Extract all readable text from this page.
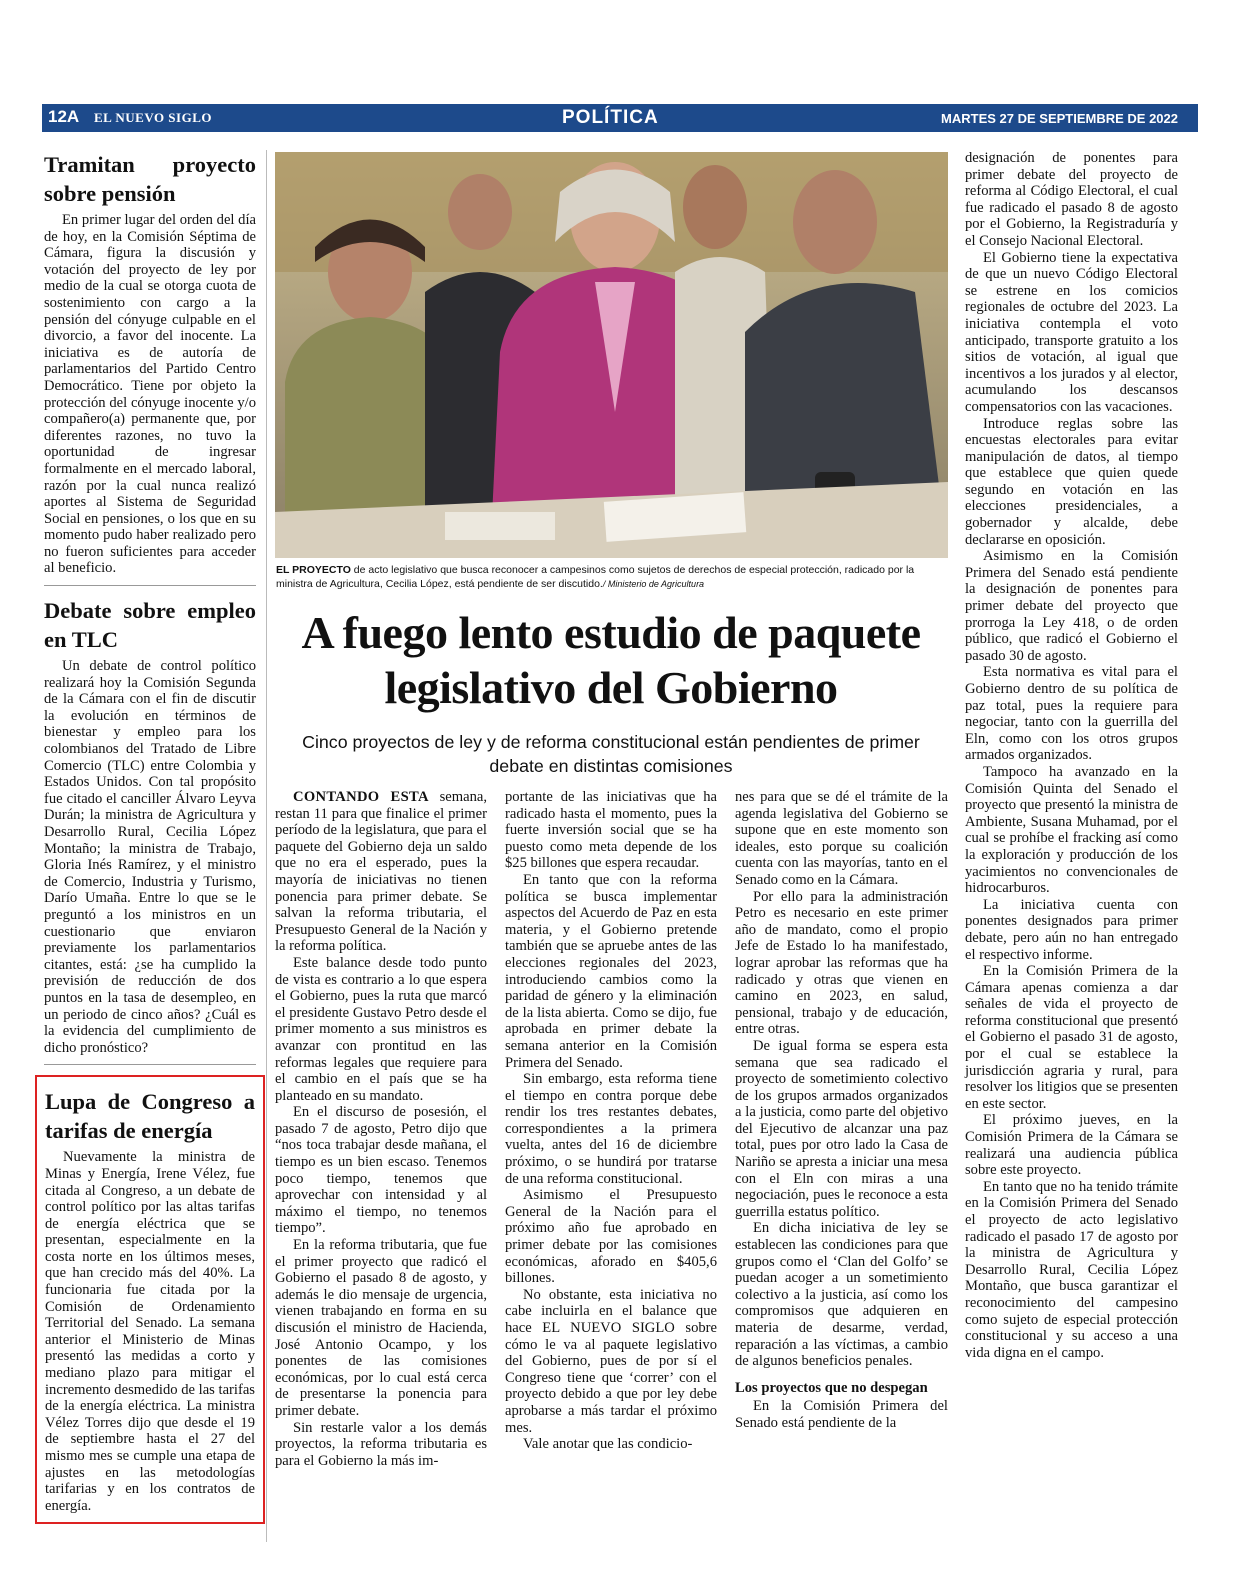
12A EL NUEVO SIGLO	POLÍTICA	MARTES 27 DE SEPTIEMBRE DE 2022
Tramitan proyecto sobre pensión

En primer lugar del orden del día de hoy, en la Comisión Séptima de Cámara, figura la discusión y votación del proyecto de ley por medio de la cual se otorga cuota de sostenimiento con cargo a la pensión del cónyuge culpable en el divorcio, a favor del inocente. La iniciativa es de autoría de parlamentarios del Partido Centro Democrático. Tiene por objeto la protección del cónyuge inocente y/o compañero(a) permanente que, por diferentes razones, no tuvo la oportunidad de ingresar formalmente en el mercado laboral, razón por la cual nunca realizó aportes al Sistema de Seguridad Social en pensiones, o los que en su momento pudo haber realizado pero no fueron suficientes para acceder al beneficio.

Debate sobre empleo en TLC

Un debate de control político realizará hoy la Comisión Segunda de la Cámara con el fin de discutir la evolución en términos de bienestar y empleo para los colombianos del Tratado de Libre Comercio (TLC) entre Colombia y Estados Unidos. Con tal propósito fue citado el canciller Álvaro Leyva Durán; la ministra de Agricultura y Desarrollo Rural, Cecilia López Montaño; la ministra de Trabajo, Gloria Inés Ramírez, y el ministro de Comercio, Industria y Turismo, Darío Umaña. Entre lo que se le preguntó a los ministros en un cuestionario que enviaron previamente los parlamentarios citantes, está: ¿se ha cumplido la previsión de reducción de dos puntos en la tasa de desempleo, en un periodo de cinco años? ¿Cuál es la evidencia del cumplimiento de dicho pronóstico?

Lupa de Congreso a tarifas de energía

Nuevamente la ministra de Minas y Energía, Irene Vélez, fue citada al Congreso, a un debate de control político por las altas tarifas de energía eléctrica que se presentan, especialmente en la costa norte en los últimos meses, que han crecido más del 40%. La funcionaria fue citada por la Comisión de Ordenamiento Territorial del Senado. La semana anterior el Ministerio de Minas presentó las medidas a corto y mediano plazo para mitigar el incremento desmedido de las tarifas de la energía eléctrica. La ministra Vélez Torres dijo que desde el 19 de septiembre hasta el 27 del mismo mes se cumple una etapa de ajustes en las metodologías tarifarias y en los contratos de energía.

EL PROYECTO de acto legislativo que busca reconocer a campesinos como sujetos de derechos de especial protección, radicado por la ministra de Agricultura, Cecilia López, está pendiente de ser discutido./ Ministerio de Agricultura
A fuego lento estudio de paquete legislativo del Gobierno
Cinco proyectos de ley y de reforma constitucional están pendientes de primer debate en distintas comisiones

CONTANDO ESTA semana, restan 11 para que finalice el primer período de la legislatura, que para el paquete del Gobierno deja un saldo que no era el esperado, pues la mayoría de iniciativas no tienen ponencia para primer debate. Se salvan la reforma tributaria, el Presupuesto General de la Nación y la reforma política.

Este balance desde todo punto de vista es contrario a lo que espera el Gobierno, pues la ruta que marcó el presidente Gustavo Petro desde el primer momento a sus ministros es avanzar con prontitud en las reformas legales que requiere para el cambio en el país que se ha planteado en su mandato.

En el discurso de posesión, el pasado 7 de agosto, Petro dijo que “nos toca trabajar desde mañana, el tiempo es un bien escaso. Tenemos poco tiempo, tenemos que aprovechar con intensidad y al máximo el tiempo, no tenemos tiempo”.

En la reforma tributaria, que fue el primer proyecto que radicó el Gobierno el pasado 8 de agosto, y además le dio mensaje de urgencia, vienen trabajando en forma en su discusión el ministro de Hacienda, José Antonio Ocampo, y los ponentes de las comisiones económicas, por lo cual está cerca de presentarse la ponencia para primer debate.

Sin restarle valor a los demás proyectos, la reforma tributaria es para el Gobierno la más im-

portante de las iniciativas que ha radicado hasta el momento, pues la fuerte inversión social que se ha puesto como meta depende de los $25 billones que espera recaudar.

En tanto que con la reforma política se busca implementar aspectos del Acuerdo de Paz en esta materia, y el Gobierno pretende también que se apruebe antes de las elecciones regionales del 2023, introduciendo cambios como la paridad de género y la eliminación de la lista abierta. Como se dijo, fue aprobada en primer debate la semana anterior en la Comisión Primera del Senado.

Sin embargo, esta reforma tiene el tiempo en contra porque debe rendir los tres restantes debates, correspondientes a la primera vuelta, antes del 16 de diciembre próximo, o se hundirá por tratarse de una reforma constitucional.

Asimismo el Presupuesto General de la Nación para el próximo año fue aprobado en primer debate por las comisiones económicas, aforado en $405,6 billones.

No obstante, esta iniciativa no cabe incluirla en el balance que hace EL NUEVO SIGLO sobre cómo le va al paquete legislativo del Gobierno, pues de por sí el Congreso tiene que ‘correr’ con el proyecto debido a que por ley debe aprobarse a más tardar el próximo mes.

Vale anotar que las condicio-

nes para que se dé el trámite de la agenda legislativa del Gobierno se supone que en este momento son ideales, esto porque su coalición cuenta con las mayorías, tanto en el Senado como en la Cámara.

Por ello para la administración Petro es necesario en este primer año de mandato, como el propio Jefe de Estado lo ha manifestado, lograr aprobar las reformas que ha radicado y otras que vienen en camino en 2023, en salud, pensional, trabajo y de educación, entre otras.

De igual forma se espera esta semana que sea radicado el proyecto de sometimiento colectivo de los grupos armados organizados a la justicia, como parte del objetivo del Ejecutivo de alcanzar una paz total, pues por otro lado la Casa de Nariño se apresta a iniciar una mesa con el Eln con miras a una negociación, pues le reconoce a esta guerrilla estatus político.

En dicha iniciativa de ley se establecen las condiciones para que grupos como el ‘Clan del Golfo’ se puedan acoger a un sometimiento colectivo a la justicia, así como los compromisos que adquieren en materia de desarme, verdad, reparación a las víctimas, a cambio de algunos beneficios penales.

Los proyectos que no despegan

En la Comisión Primera del Senado está pendiente de la

designación de ponentes para primer debate del proyecto de reforma al Código Electoral, el cual fue radicado el pasado 8 de agosto por el Gobierno, la Registraduría y el Consejo Nacional Electoral.

El Gobierno tiene la expectativa de que un nuevo Código Electoral se estrene en los comicios regionales de octubre del 2023. La iniciativa contempla el voto anticipado, transporte gratuito a los sitios de votación, al igual que incentivos a los jurados y al elector, acumulando los descansos compensatorios con las vacaciones.

Introduce reglas sobre las encuestas electorales para evitar manipulación de datos, al tiempo que establece que quien quede segundo en votación en las elecciones presidenciales, a gobernador y alcalde, debe declararse en oposición.

Asimismo en la Comisión Primera del Senado está pendiente la designación de ponentes para primer debate del proyecto que prorroga la Ley 418, o de orden público, que radicó el Gobierno el pasado 30 de agosto.

Esta normativa es vital para el Gobierno dentro de su política de paz total, pues la requiere para negociar, tanto con la guerrilla del Eln, como con los otros grupos armados organizados.

Tampoco ha avanzado en la Comisión Quinta del Senado el proyecto que presentó la ministra de Ambiente, Susana Muhamad, por el cual se prohíbe el fracking así como la exploración y producción de los yacimientos no convencionales de hidrocarburos.

La iniciativa cuenta con ponentes designados para primer debate, pero aún no han entregado el respectivo informe.

En la Comisión Primera de la Cámara apenas comienza a dar señales de vida el proyecto de reforma constitucional que presentó el Gobierno el pasado 31 de agosto, por el cual se establece la jurisdicción agraria y rural, para resolver los litigios que se presenten en este sector.

El próximo jueves, en la Comisión Primera de la Cámara se realizará una audiencia pública sobre este proyecto.

En tanto que no ha tenido trámite en la Comisión Primera del Senado el proyecto de acto legislativo radicado el pasado 17 de agosto por la ministra de Agricultura y Desarrollo Rural, Cecilia López Montaño, que busca garantizar el reconocimiento del campesino como sujeto de especial protección constitucional y su acceso a una vida digna en el campo.
